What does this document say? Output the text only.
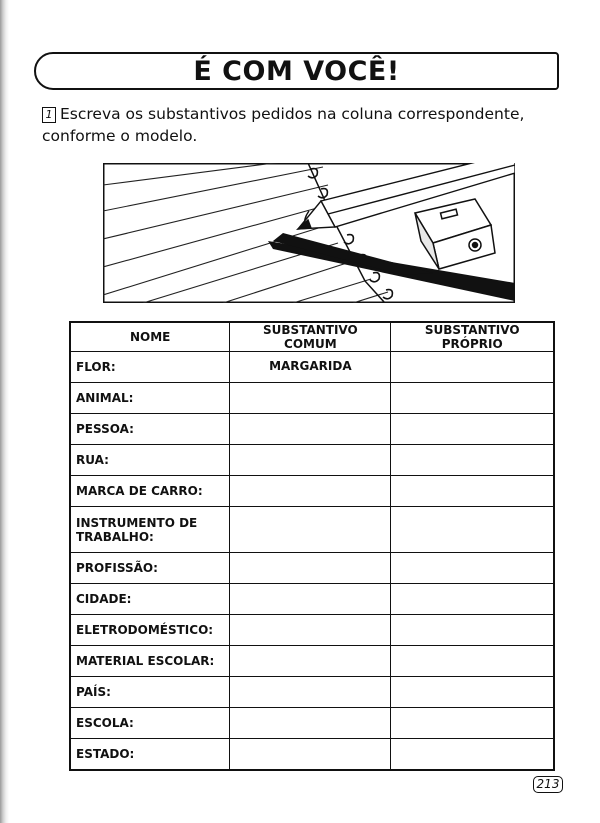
É COM VOCÊ!
1 Escreva os substantivos pedidos na coluna correspondente, conforme o modelo.
NOME	SUBSTANTIVO COMUM	SUBSTANTIVO PRÓPRIO
FLOR:	MARGARIDA	
ANIMAL:		
PESSOA:		
RUA:		
MARCA DE CARRO:		
INSTRUMENTO DE TRABALHO:		
PROFISSÃO:		
CIDADE:		
ELETRODOMÉSTICO:		
MATERIAL ESCOLAR:		
PAÍS:		
ESCOLA:		
ESTADO:		
213
